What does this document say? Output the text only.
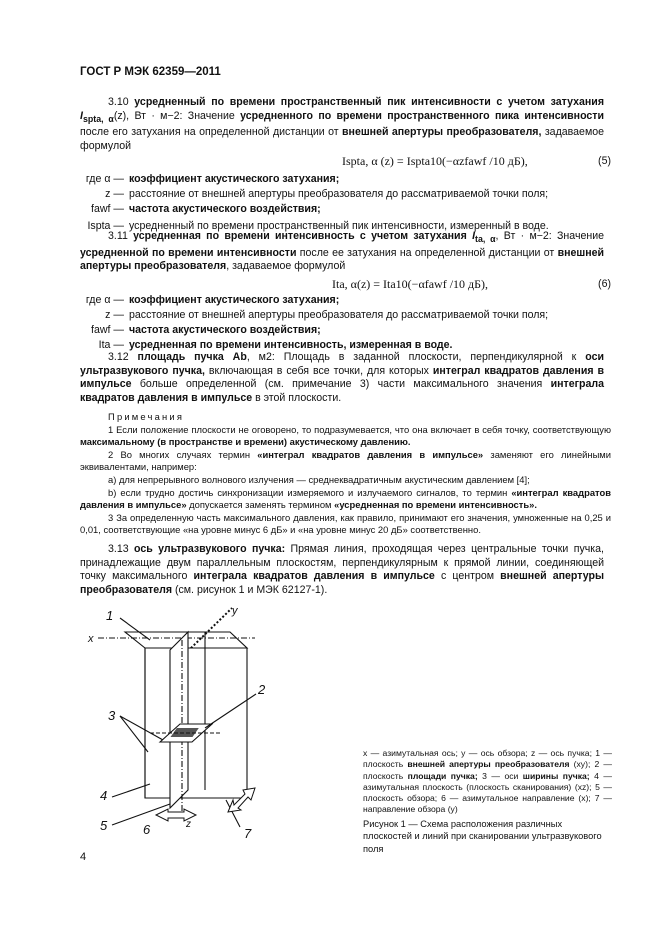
ГОСТ Р МЭК 62359—2011
3.10 усредненный по времени пространственный пик интенсивности с учетом затухания $I_{spta, \alpha}(z)$, Вт · м−2: Значение усредненного по времени пространственного пика интенсивности после его затухания на определенной дистанции от внешней апертуры преобразователя, задаваемое формулой
Ispta, α (z) = Ispta10(−αzfawf /10 дБ),	(5)
где α — коэффициент акустического затухания;
z — расстояние от внешней апертуры преобразователя до рассматриваемой точки поля;
fawf — частота акустического воздействия;
Ispta — усредненный по времени пространственный пик интенсивности, измеренный в воде.
3.11 усредненная по времени интенсивность с учетом затухания $I_{ta, \alpha}$, Вт · м−2: Значение усредненной по времени интенсивности после ее затухания на определенной дистанции от внешней апертуры преобразователя, задаваемое формулой
Ita, α(z) = Ita10(−αfawf /10 дБ),	(6)
где α — коэффициент акустического затухания;
z — расстояние от внешней апертуры преобразователя до рассматриваемой точки поля;
fawf — частота акустического воздействия;
Ita — усредненная по времени интенсивность, измеренная в воде.
3.12 площадь пучка Ab, м2: Площадь в заданной плоскости, перпендикулярной к оси ультразвукового пучка, включающая в себя все точки, для которых интеграл квадратов давления в импульсе больше определенной (см. примечание 3) части максимального значения интеграла квадратов давления в импульсе в этой плоскости.

Примечания

1 Если положение плоскости не оговорено, то подразумевается, что она включает в себя точку, соответствующую максимальному (в пространстве и времени) акустическому давлению.

2 Во многих случаях термин «интеграл квадратов давления в импульсе» заменяют его линейными эквивалентами, например:

а) для непрерывного волнового излучения — среднеквадратичным акустическим давлением [4];

b) если трудно достичь синхронизации измеряемого и излучаемого сигналов, то термин «интеграл квадратов давления в импульсе» допускается заменять термином «усредненная по времени интенсивность».

3 За определенную часть максимального давления, как правило, принимают его значения, умноженные на 0,25 и 0,01, соответствующие «на уровне минус 6 дБ» и «на уровне минус 20 дБ» соответственно.

3.13 ось ультразвукового пучка: Прямая линия, проходящая через центральные точки пучка, принадлежащие двум параллельным плоскостям, перпендикулярным к прямой линии, соединяющей точку максимального интеграла квадратов давления в импульсе с центром внешней апертуры преобразователя (см. рисунок 1 и МЭК 62127-1).
1
x
y
2
3
4
5	6	z
7
x — азимутальная ось; y — ось обзора; z — ось пучка; 1 — плоскость внешней апертуры преобразователя (xy); 2 — плоскость площади пучка; 3 — оси ширины пучка; 4 — азимутальная плоскость (плоскость сканирования) (xz); 5 — плоскость обзора; 6 — азимутальное направление (x); 7 — направление обзора (y)
Рисунок 1 — Схема расположения различных плоскостей и линий при сканировании ультразвукового поля
4
